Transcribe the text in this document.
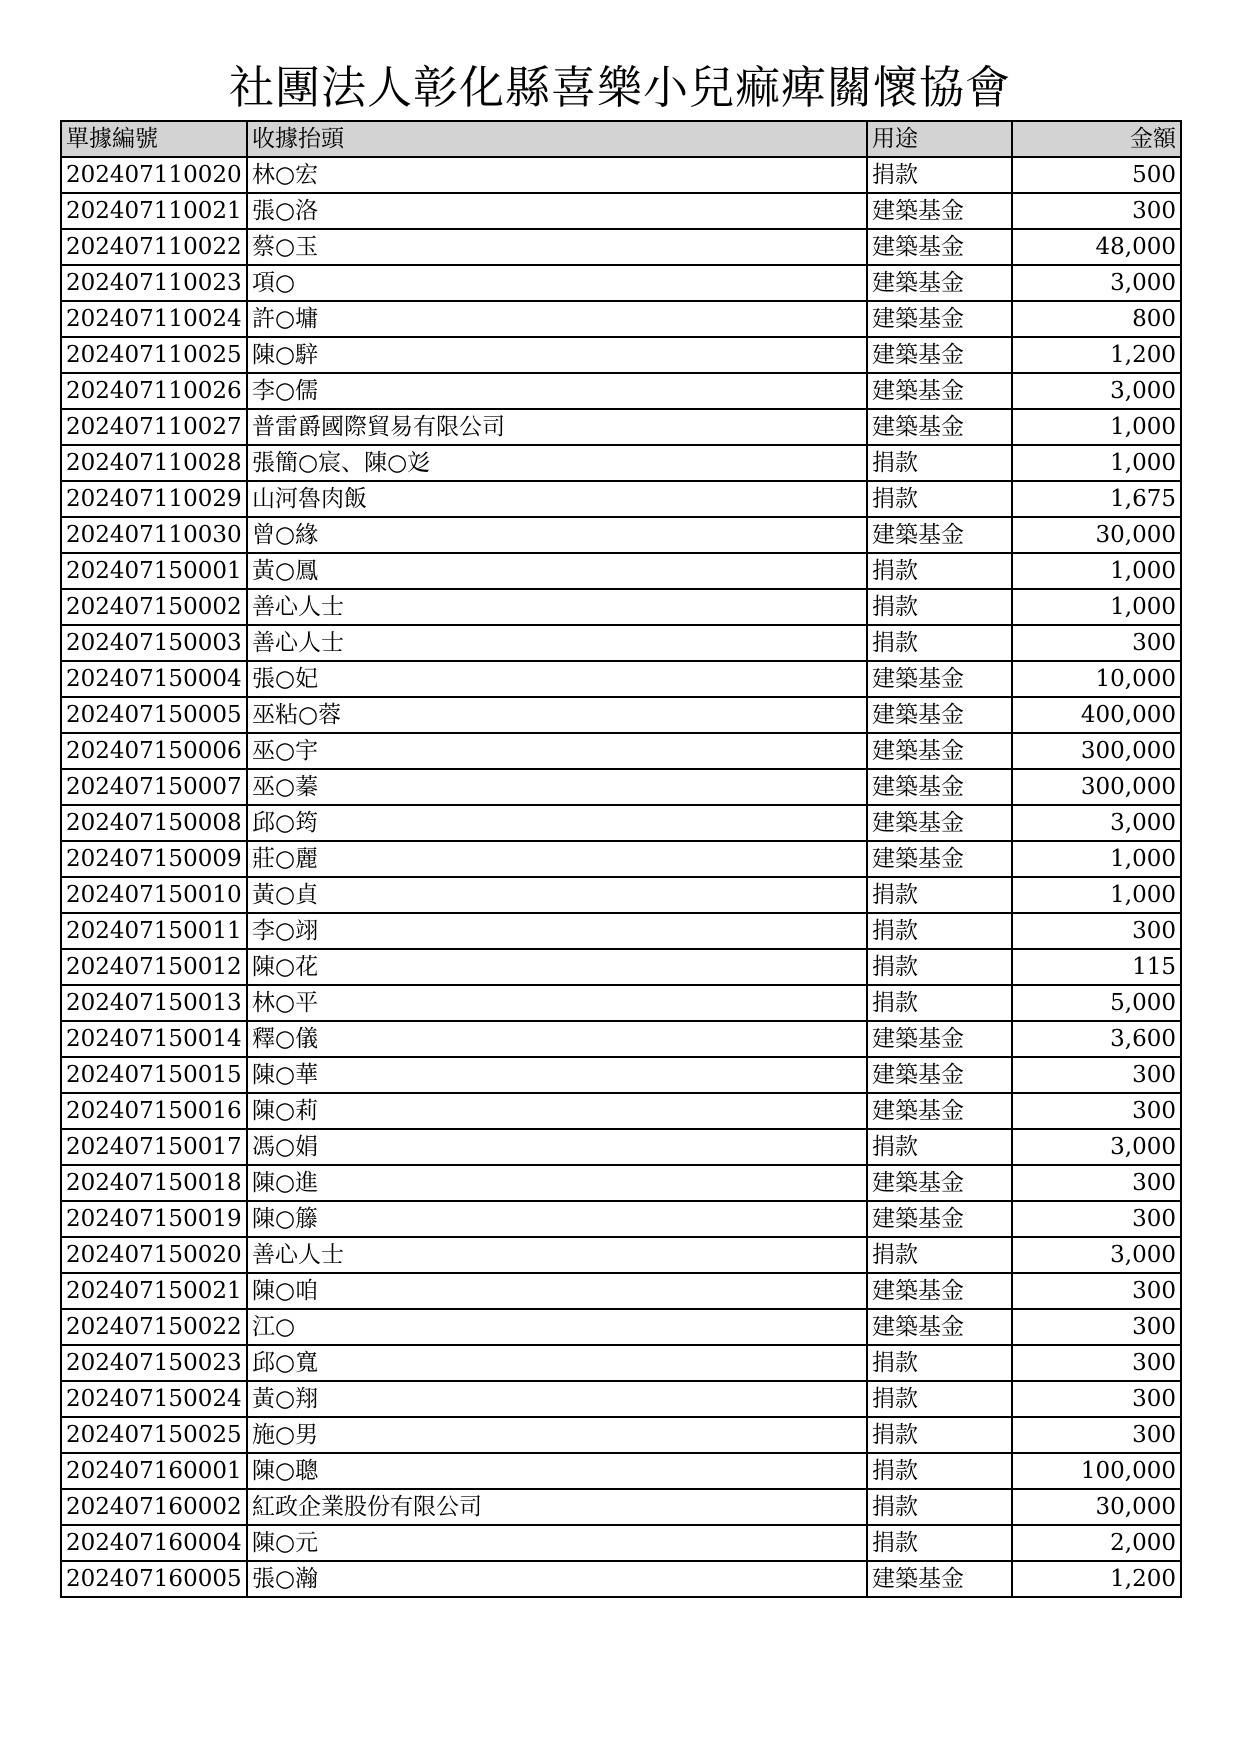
社團法人彰化縣喜樂小兒痲痺關懷協會
單據編號	收據抬頭	用途	金額
202407110020	林○宏	捐款	500
202407110021	張○洛	建築基金	300
202407110022	蔡○玉	建築基金	48,000
202407110023	項○	建築基金	3,000
202407110024	許○墉	建築基金	800
202407110025	陳○騂	建築基金	1,200
202407110026	李○儒	建築基金	3,000
202407110027	普雷爵國際貿易有限公司	建築基金	1,000
202407110028	張簡○宸、陳○彣	捐款	1,000
202407110029	山河魯肉飯	捐款	1,675
202407110030	曾○緣	建築基金	30,000
202407150001	黃○鳳	捐款	1,000
202407150002	善心人士	捐款	1,000
202407150003	善心人士	捐款	300
202407150004	張○妃	建築基金	10,000
202407150005	巫粘○蓉	建築基金	400,000
202407150006	巫○宇	建築基金	300,000
202407150007	巫○蓁	建築基金	300,000
202407150008	邱○筠	建築基金	3,000
202407150009	莊○麗	建築基金	1,000
202407150010	黃○貞	捐款	1,000
202407150011	李○翊	捐款	300
202407150012	陳○花	捐款	115
202407150013	林○平	捐款	5,000
202407150014	釋○儀	建築基金	3,600
202407150015	陳○華	建築基金	300
202407150016	陳○莉	建築基金	300
202407150017	馮○娟	捐款	3,000
202407150018	陳○進	建築基金	300
202407150019	陳○籐	建築基金	300
202407150020	善心人士	捐款	3,000
202407150021	陳○咱	建築基金	300
202407150022	江○	建築基金	300
202407150023	邱○寬	捐款	300
202407150024	黃○翔	捐款	300
202407150025	施○男	捐款	300
202407160001	陳○聰	捐款	100,000
202407160002	紅政企業股份有限公司	捐款	30,000
202407160004	陳○元	捐款	2,000
202407160005	張○瀚	建築基金	1,200
